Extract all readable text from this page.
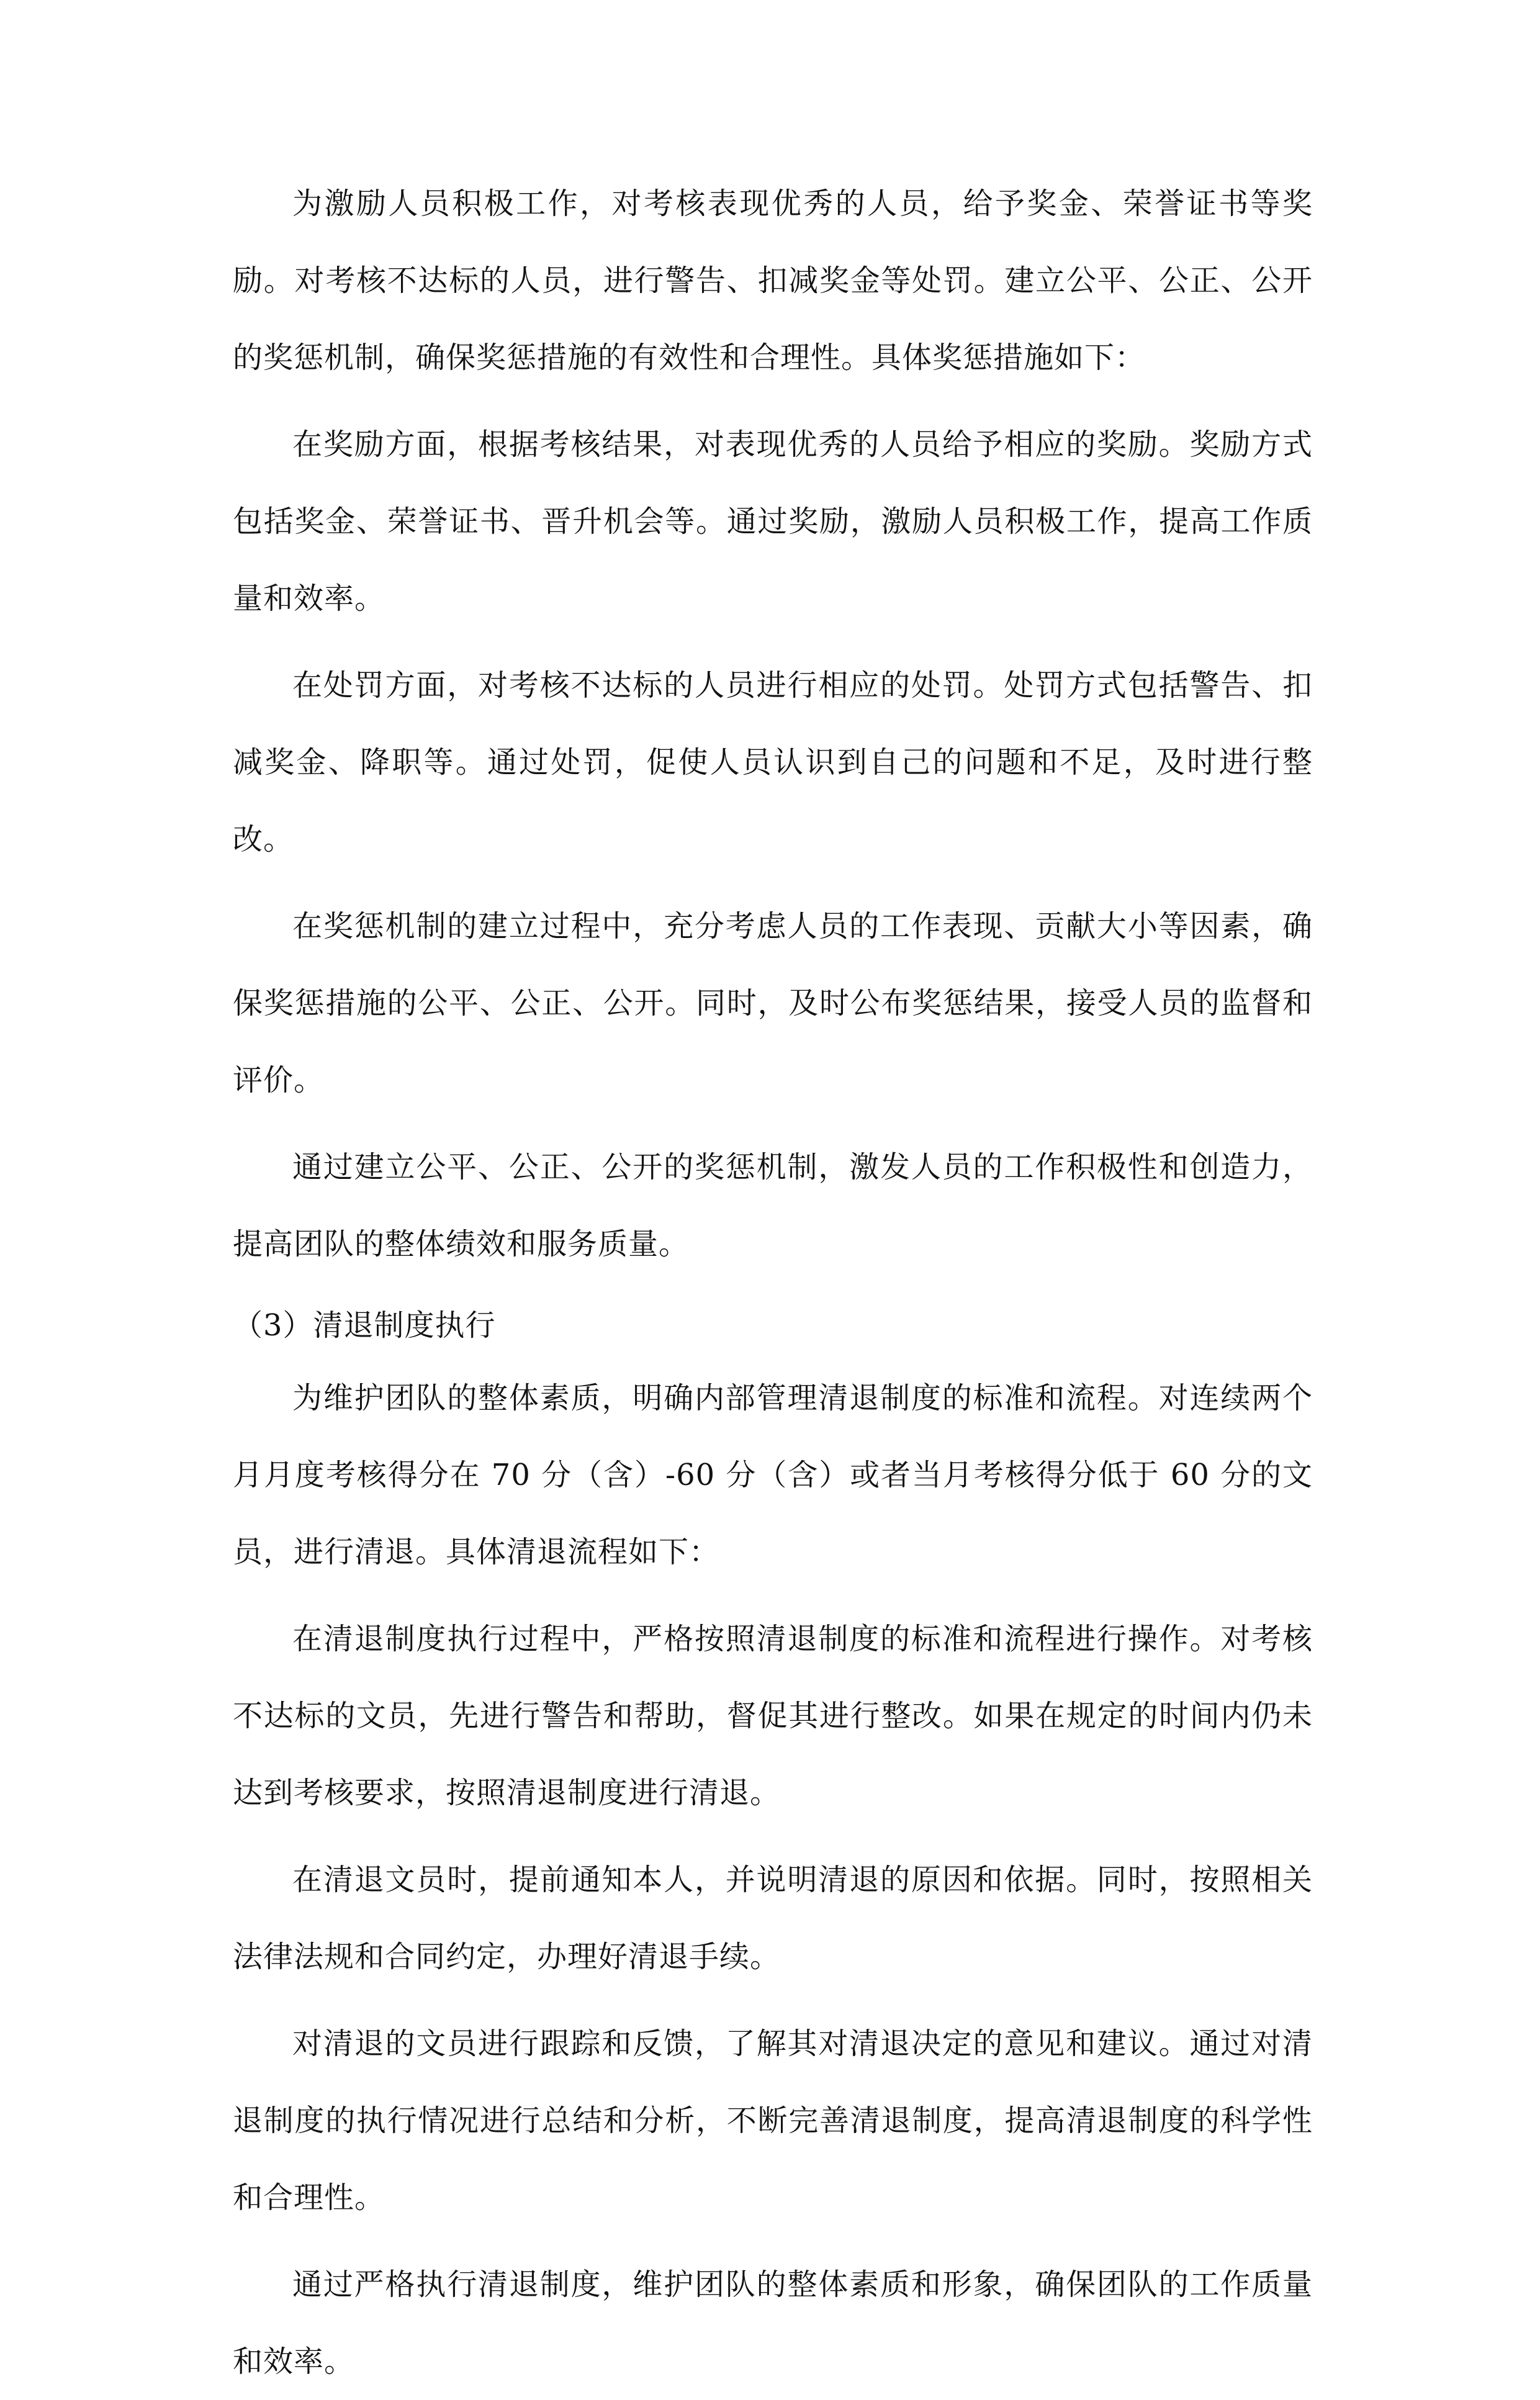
为激励人员积极工作，对考核表现优秀的人员，给予奖金、荣誉证书等奖励。对考核不达标的人员，进行警告、扣减奖金等处罚。建立公平、公正、公开的奖惩机制，确保奖惩措施的有效性和合理性。具体奖惩措施如下：

在奖励方面，根据考核结果，对表现优秀的人员给予相应的奖励。奖励方式包括奖金、荣誉证书、晋升机会等。通过奖励，激励人员积极工作，提高工作质量和效率。

在处罚方面，对考核不达标的人员进行相应的处罚。处罚方式包括警告、扣减奖金、降职等。通过处罚，促使人员认识到自己的问题和不足，及时进行整改。

在奖惩机制的建立过程中，充分考虑人员的工作表现、贡献大小等因素，确保奖惩措施的公平、公正、公开。同时，及时公布奖惩结果，接受人员的监督和评价。

通过建立公平、公正、公开的奖惩机制，激发人员的工作积极性和创造力，提高团队的整体绩效和服务质量。

（3）清退制度执行

为维护团队的整体素质，明确内部管理清退制度的标准和流程。对连续两个月月度考核得分在 70 分（含）-60 分（含）或者当月考核得分低于 60 分的文员，进行清退。具体清退流程如下：

在清退制度执行过程中，严格按照清退制度的标准和流程进行操作。对考核不达标的文员，先进行警告和帮助，督促其进行整改。如果在规定的时间内仍未达到考核要求，按照清退制度进行清退。

在清退文员时，提前通知本人，并说明清退的原因和依据。同时，按照相关法律法规和合同约定，办理好清退手续。

对清退的文员进行跟踪和反馈，了解其对清退决定的意见和建议。通过对清退制度的执行情况进行总结和分析，不断完善清退制度，提高清退制度的科学性和合理性。

通过严格执行清退制度，维护团队的整体素质和形象，确保团队的工作质量和效率。
